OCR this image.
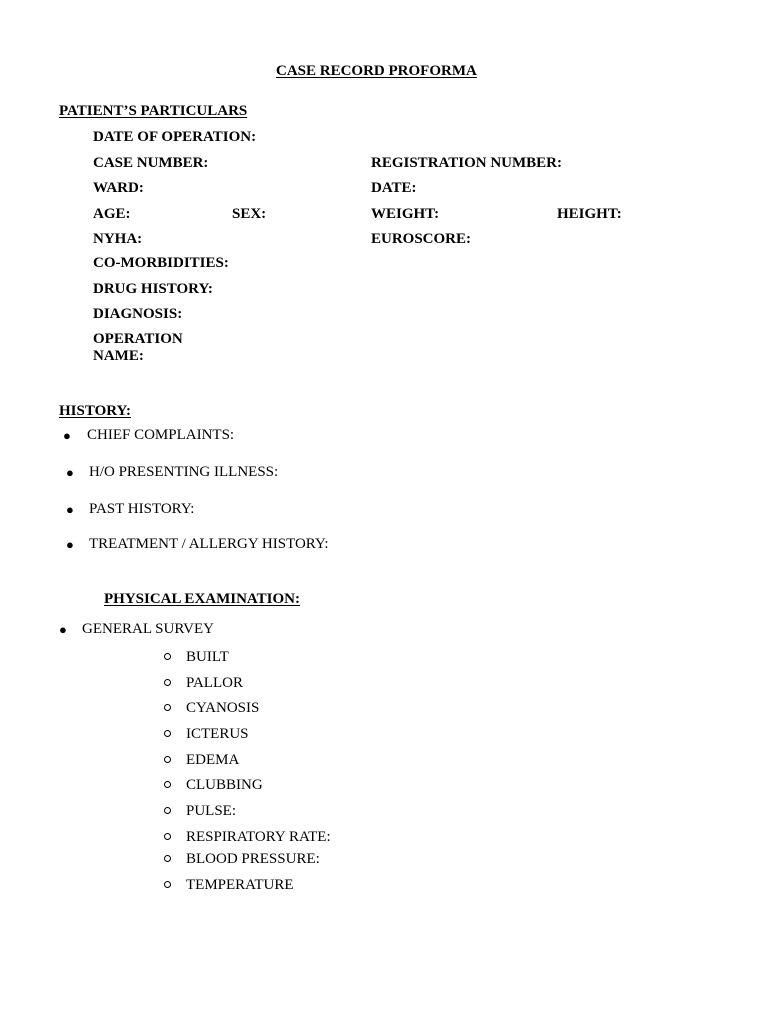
CASE RECORD PROFORMA
PATIENT’S PARTICULARS
DATE OF OPERATION:
CASE NUMBER:	REGISTRATION NUMBER:
WARD:	DATE:
AGE:	SEX:	WEIGHT:	HEIGHT:
NYHA:	EUROSCORE:
CO-MORBIDITIES:
DRUG HISTORY:
DIAGNOSIS:
OPERATION
NAME:
HISTORY:
● CHIEF COMPLAINTS:
● H/O PRESENTING ILLNESS:
● PAST HISTORY:
● TREATMENT / ALLERGY HISTORY:
PHYSICAL EXAMINATION:
● GENERAL SURVEY
BUILT
PALLOR
CYANOSIS
ICTERUS
EDEMA
CLUBBING
PULSE:
RESPIRATORY RATE:
BLOOD PRESSURE:
TEMPERATURE
